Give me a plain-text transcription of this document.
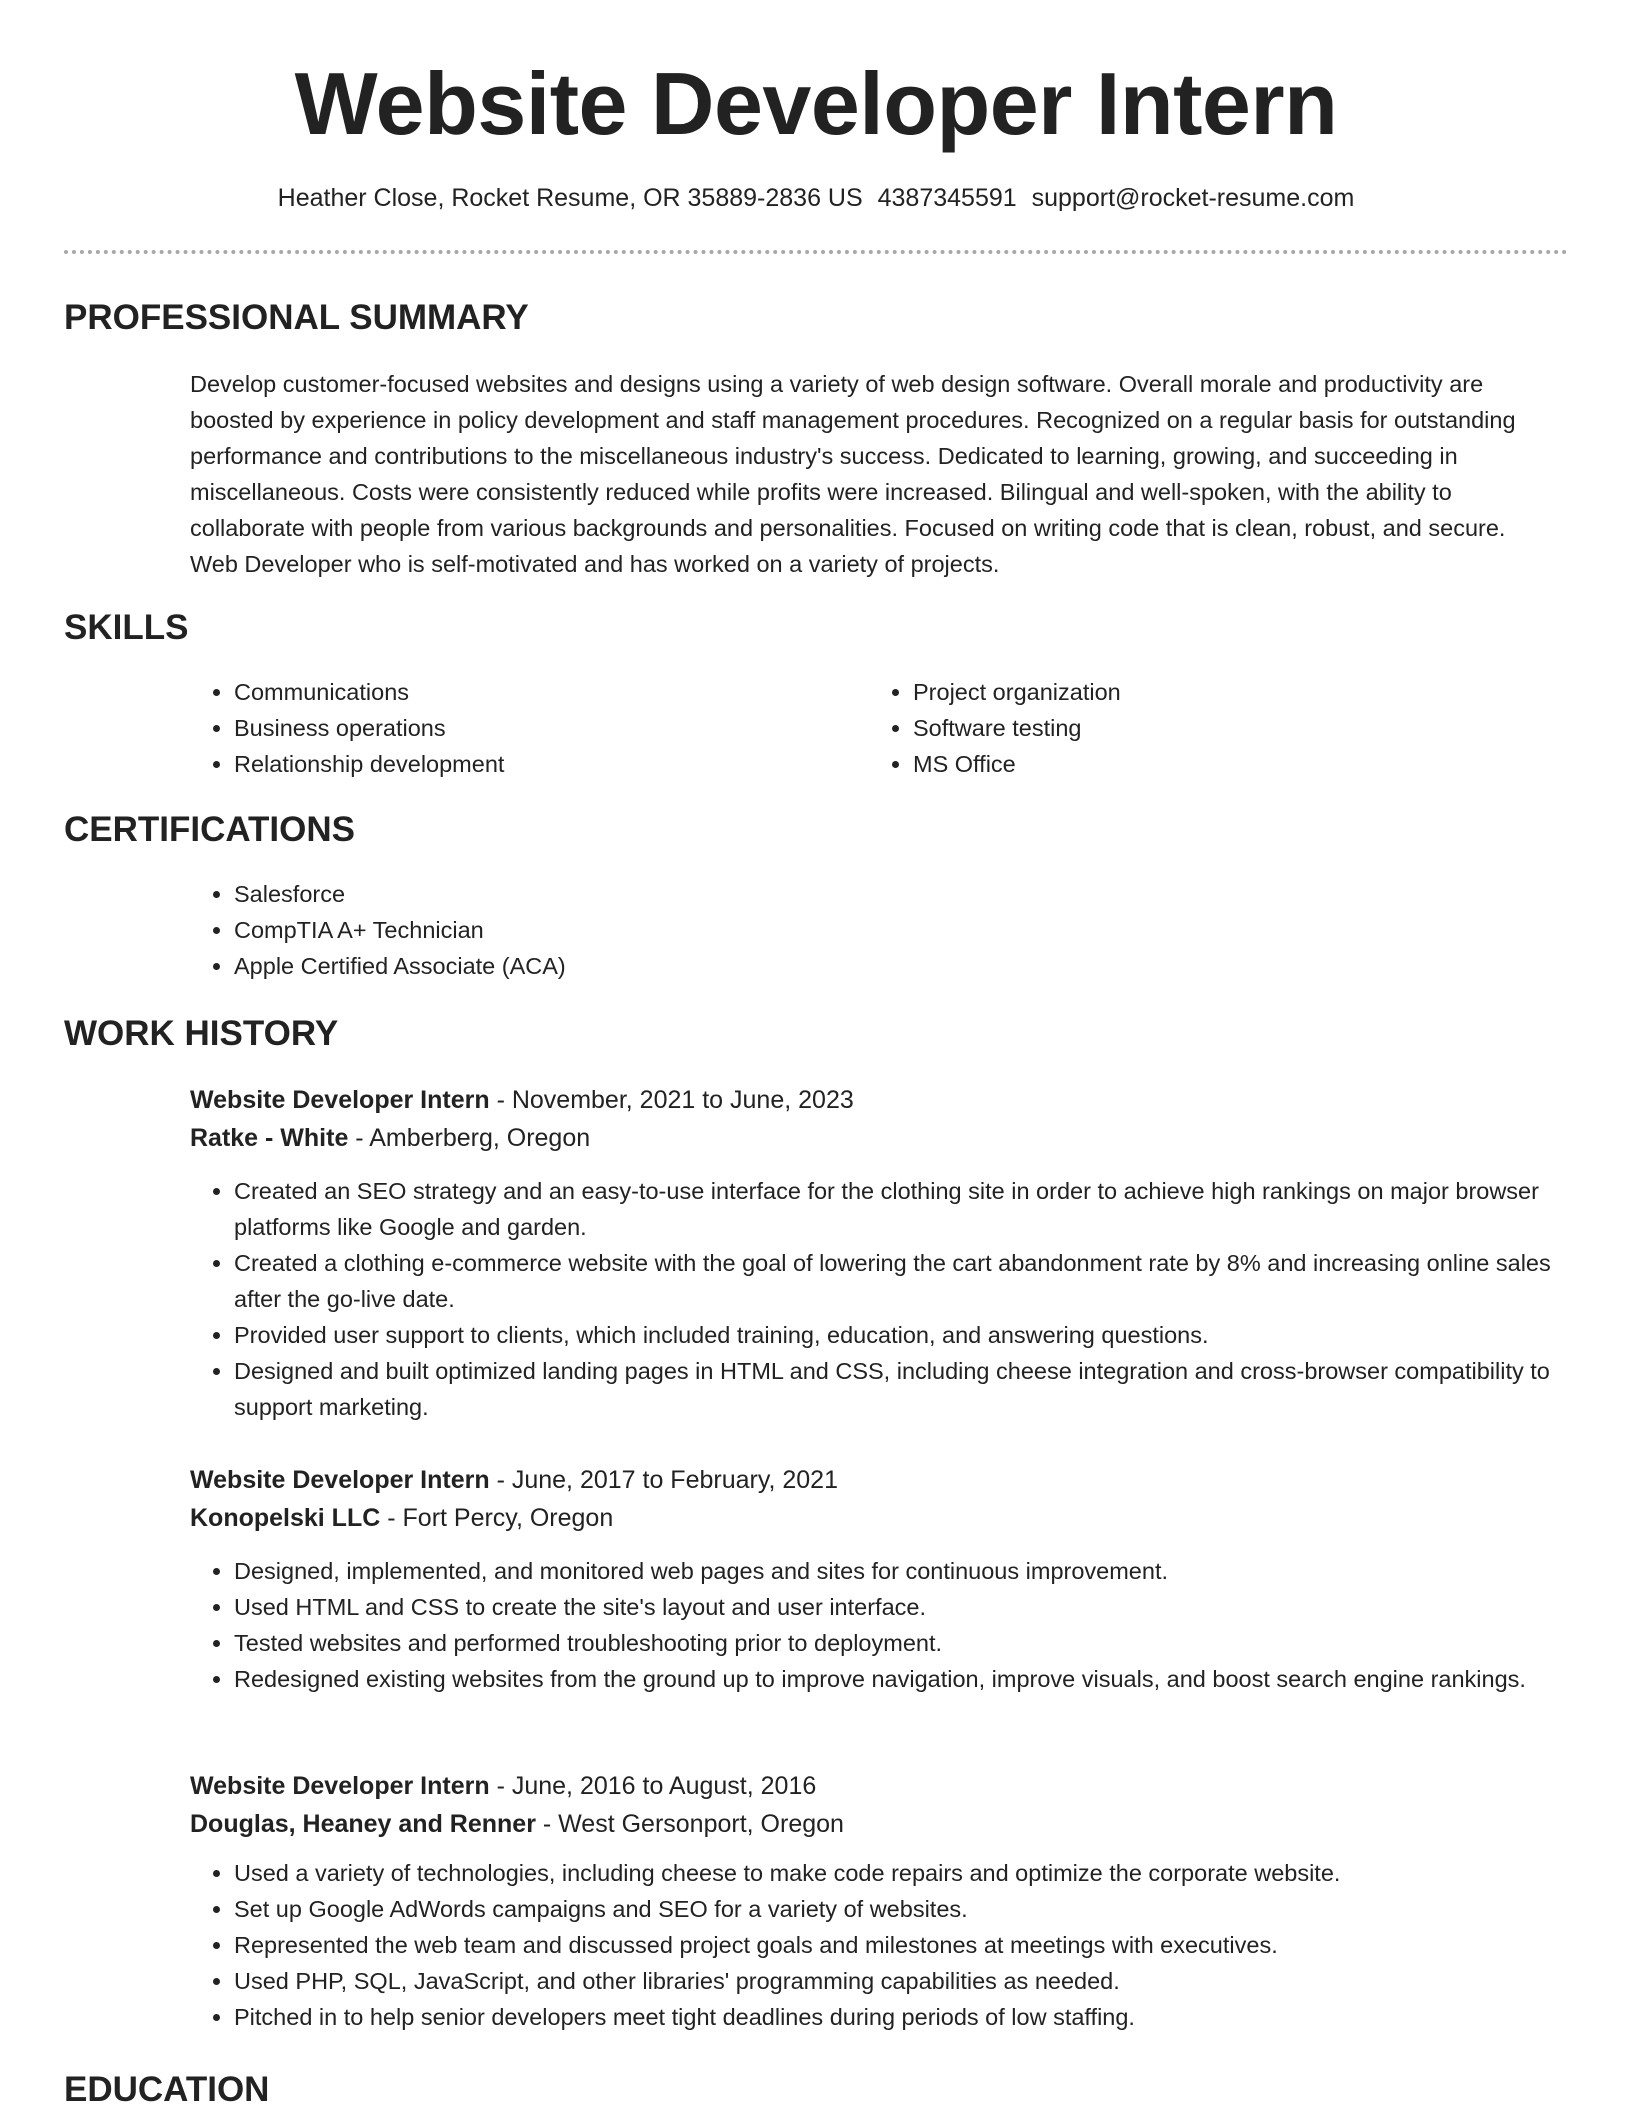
Website Developer Intern
Heather Close, Rocket Resume, OR 35889-2836 US 4387345591 support@rocket-resume.com
PROFESSIONAL SUMMARY
Develop customer-focused websites and designs using a variety of web design software. Overall morale and productivity are boosted by experience in policy development and staff management procedures. Recognized on a regular basis for outstanding performance and contributions to the miscellaneous industry's success. Dedicated to learning, growing, and succeeding in miscellaneous. Costs were consistently reduced while profits were increased. Bilingual and well-spoken, with the ability to collaborate with people from various backgrounds and personalities. Focused on writing code that is clean, robust, and secure. Web Developer who is self-motivated and has worked on a variety of projects.
SKILLS
• Communications
• Business operations
• Relationship development
• Project organization
• Software testing
• MS Office
CERTIFICATIONS
• Salesforce
• CompTIA A+ Technician
• Apple Certified Associate (ACA)
WORK HISTORY
Website Developer Intern - November, 2021 to June, 2023
Ratke - White - Amberberg, Oregon
• Created an SEO strategy and an easy-to-use interface for the clothing site in order to achieve high rankings on major browser platforms like Google and garden.
• Created a clothing e-commerce website with the goal of lowering the cart abandonment rate by 8% and increasing online sales after the go-live date.
• Provided user support to clients, which included training, education, and answering questions.
• Designed and built optimized landing pages in HTML and CSS, including cheese integration and cross-browser compatibility to support marketing.
Website Developer Intern - June, 2017 to February, 2021
Konopelski LLC - Fort Percy, Oregon
• Designed, implemented, and monitored web pages and sites for continuous improvement.
• Used HTML and CSS to create the site's layout and user interface.
• Tested websites and performed troubleshooting prior to deployment.
• Redesigned existing websites from the ground up to improve navigation, improve visuals, and boost search engine rankings.
Website Developer Intern - June, 2016 to August, 2016
Douglas, Heaney and Renner - West Gersonport, Oregon
• Used a variety of technologies, including cheese to make code repairs and optimize the corporate website.
• Set up Google AdWords campaigns and SEO for a variety of websites.
• Represented the web team and discussed project goals and milestones at meetings with executives.
• Used PHP, SQL, JavaScript, and other libraries' programming capabilities as needed.
• Pitched in to help senior developers meet tight deadlines during periods of low staffing.
EDUCATION
